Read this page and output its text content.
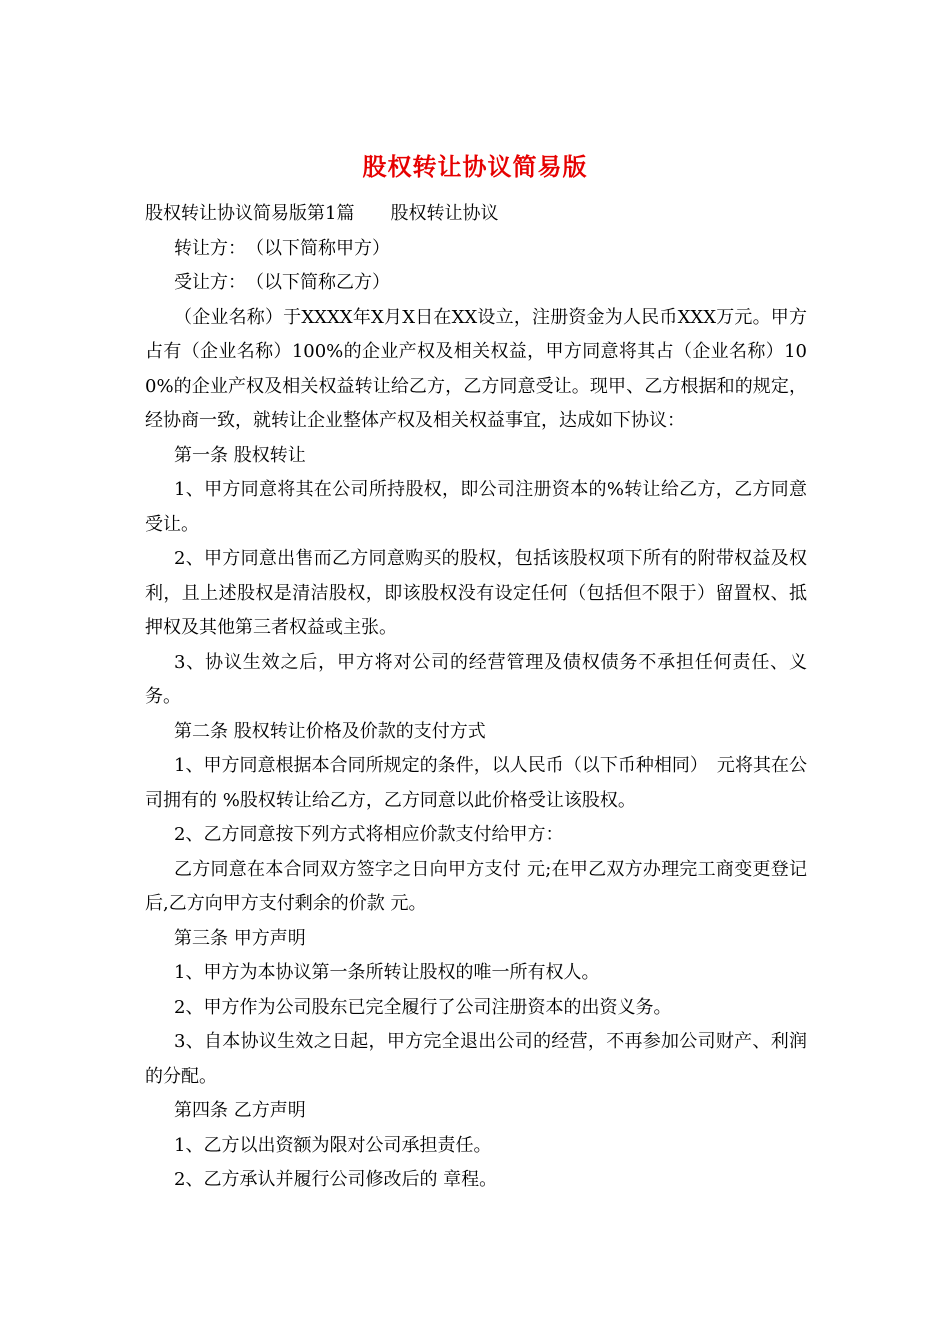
股权转让协议简易版

股权转让协议简易版第1篇　　股权转让协议

转让方：　（以下简称甲方）

受让方：　（以下简称乙方）

（企业名称）于XXXX年X月X日在XX设立，注册资金为人民币XXX万元。甲方占有（企业名称）100%的企业产权及相关权益，甲方同意将其占（企业名称）100%的企业产权及相关权益转让给乙方，乙方同意受让。现甲、乙方根据和的规定，经协商一致，就转让企业整体产权及相关权益事宜，达成如下协议：

第一条 股权转让

1、甲方同意将其在公司所持股权，即公司注册资本的%转让给乙方，乙方同意受让。

2、甲方同意出售而乙方同意购买的股权，包括该股权项下所有的附带权益及权利，且上述股权是清洁股权，即该股权没有设定任何（包括但不限于）留置权、抵押权及其他第三者权益或主张。

3、协议生效之后，甲方将对公司的经营管理及债权债务不承担任何责任、义务。

第二条 股权转让价格及价款的支付方式

1、甲方同意根据本合同所规定的条件，以人民币（以下币种相同）　元将其在公司拥有的 %股权转让给乙方，乙方同意以此价格受让该股权。

2、乙方同意按下列方式将相应价款支付给甲方：

乙方同意在本合同双方签字之日向甲方支付 元;在甲乙双方办理完工商变更登记后,乙方向甲方支付剩余的价款 元。

第三条 甲方声明

1、甲方为本协议第一条所转让股权的唯一所有权人。

2、甲方作为公司股东已完全履行了公司注册资本的出资义务。

3、自本协议生效之日起，甲方完全退出公司的经营，不再参加公司财产、利润的分配。

第四条 乙方声明

1、乙方以出资额为限对公司承担责任。

2、乙方承认并履行公司修改后的 章程。
